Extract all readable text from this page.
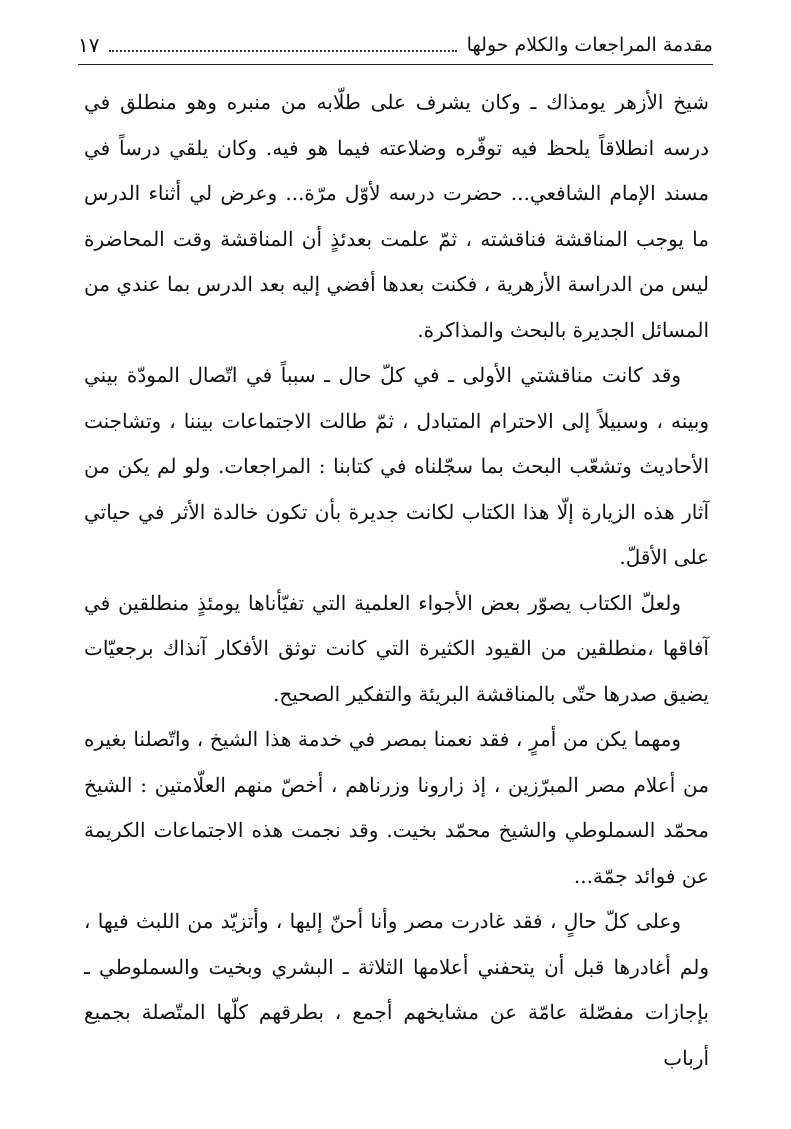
مقدمة المراجعات والكلام حولها
١٧

شيخ الأزهر يومذاك ـ وكان يشرف على طلّابه من منبره وهو منطلق في درسه انطلاقاً يلحظ فيه توفّره وضلاعته فيما هو فيه. وكان يلقي درساً في مسند الإمام الشافعي... حضرت درسه لأوّل مرّة... وعرض لي أثناء الدرس ما يوجب المناقشة فناقشته ، ثمّ علمت بعدئذٍ أن المناقشة وقت المحاضرة ليس من الدراسة الأزهرية ، فكنت بعدها أفضي إليه بعد الدرس بما عندي من المسائل الجديرة بالبحث والمذاكرة.

وقد كانت مناقشتي الأولى ـ في كلّ حال ـ سبباً في اتّصال المودّة بيني وبينه ، وسبيلاً إلى الاحترام المتبادل ، ثمّ طالت الاجتماعات بيننا ، وتشاجنت الأحاديث وتشعّب البحث بما سجّلناه في كتابنا : المراجعات. ولو لم يكن من آثار هذه الزيارة إلّا هذا الكتاب لكانت جديرة بأن تكون خالدة الأثر في حياتي على الأقلّ.

ولعلّ الكتاب يصوّر بعض الأجواء العلمية التي تفيّأناها يومئذٍ منطلقين في آفاقها ،منطلقين من القيود الكثيرة التي كانت توثق الأفكار آنذاك برجعيّات يضيق صدرها حتّى بالمناقشة البريئة والتفكير الصحيح.

ومهما يكن من أمرٍ ، فقد نعمنا بمصر في خدمة هذا الشيخ ، واتّصلنا بغيره من أعلام مصر المبرّزين ، إذ زارونا وزرناهم ، أخصّ منهم العلّامتين : الشيخ محمّد السملوطي والشيخ محمّد بخيت. وقد نجمت هذه الاجتماعات الكريمة عن فوائد جمّة...

وعلى كلّ حالٍ ، فقد غادرت مصر وأنا أحنّ إليها ، وأتزيّد من اللبث فيها ، ولم أغادرها قبل أن يتحفني أعلامها الثلاثة ـ البشري وبخيت والسملوطي ـ بإجازات مفصّلة عامّة عن مشايخهم أجمع ، بطرقهم كلّها المتّصلة بجميع أرباب
